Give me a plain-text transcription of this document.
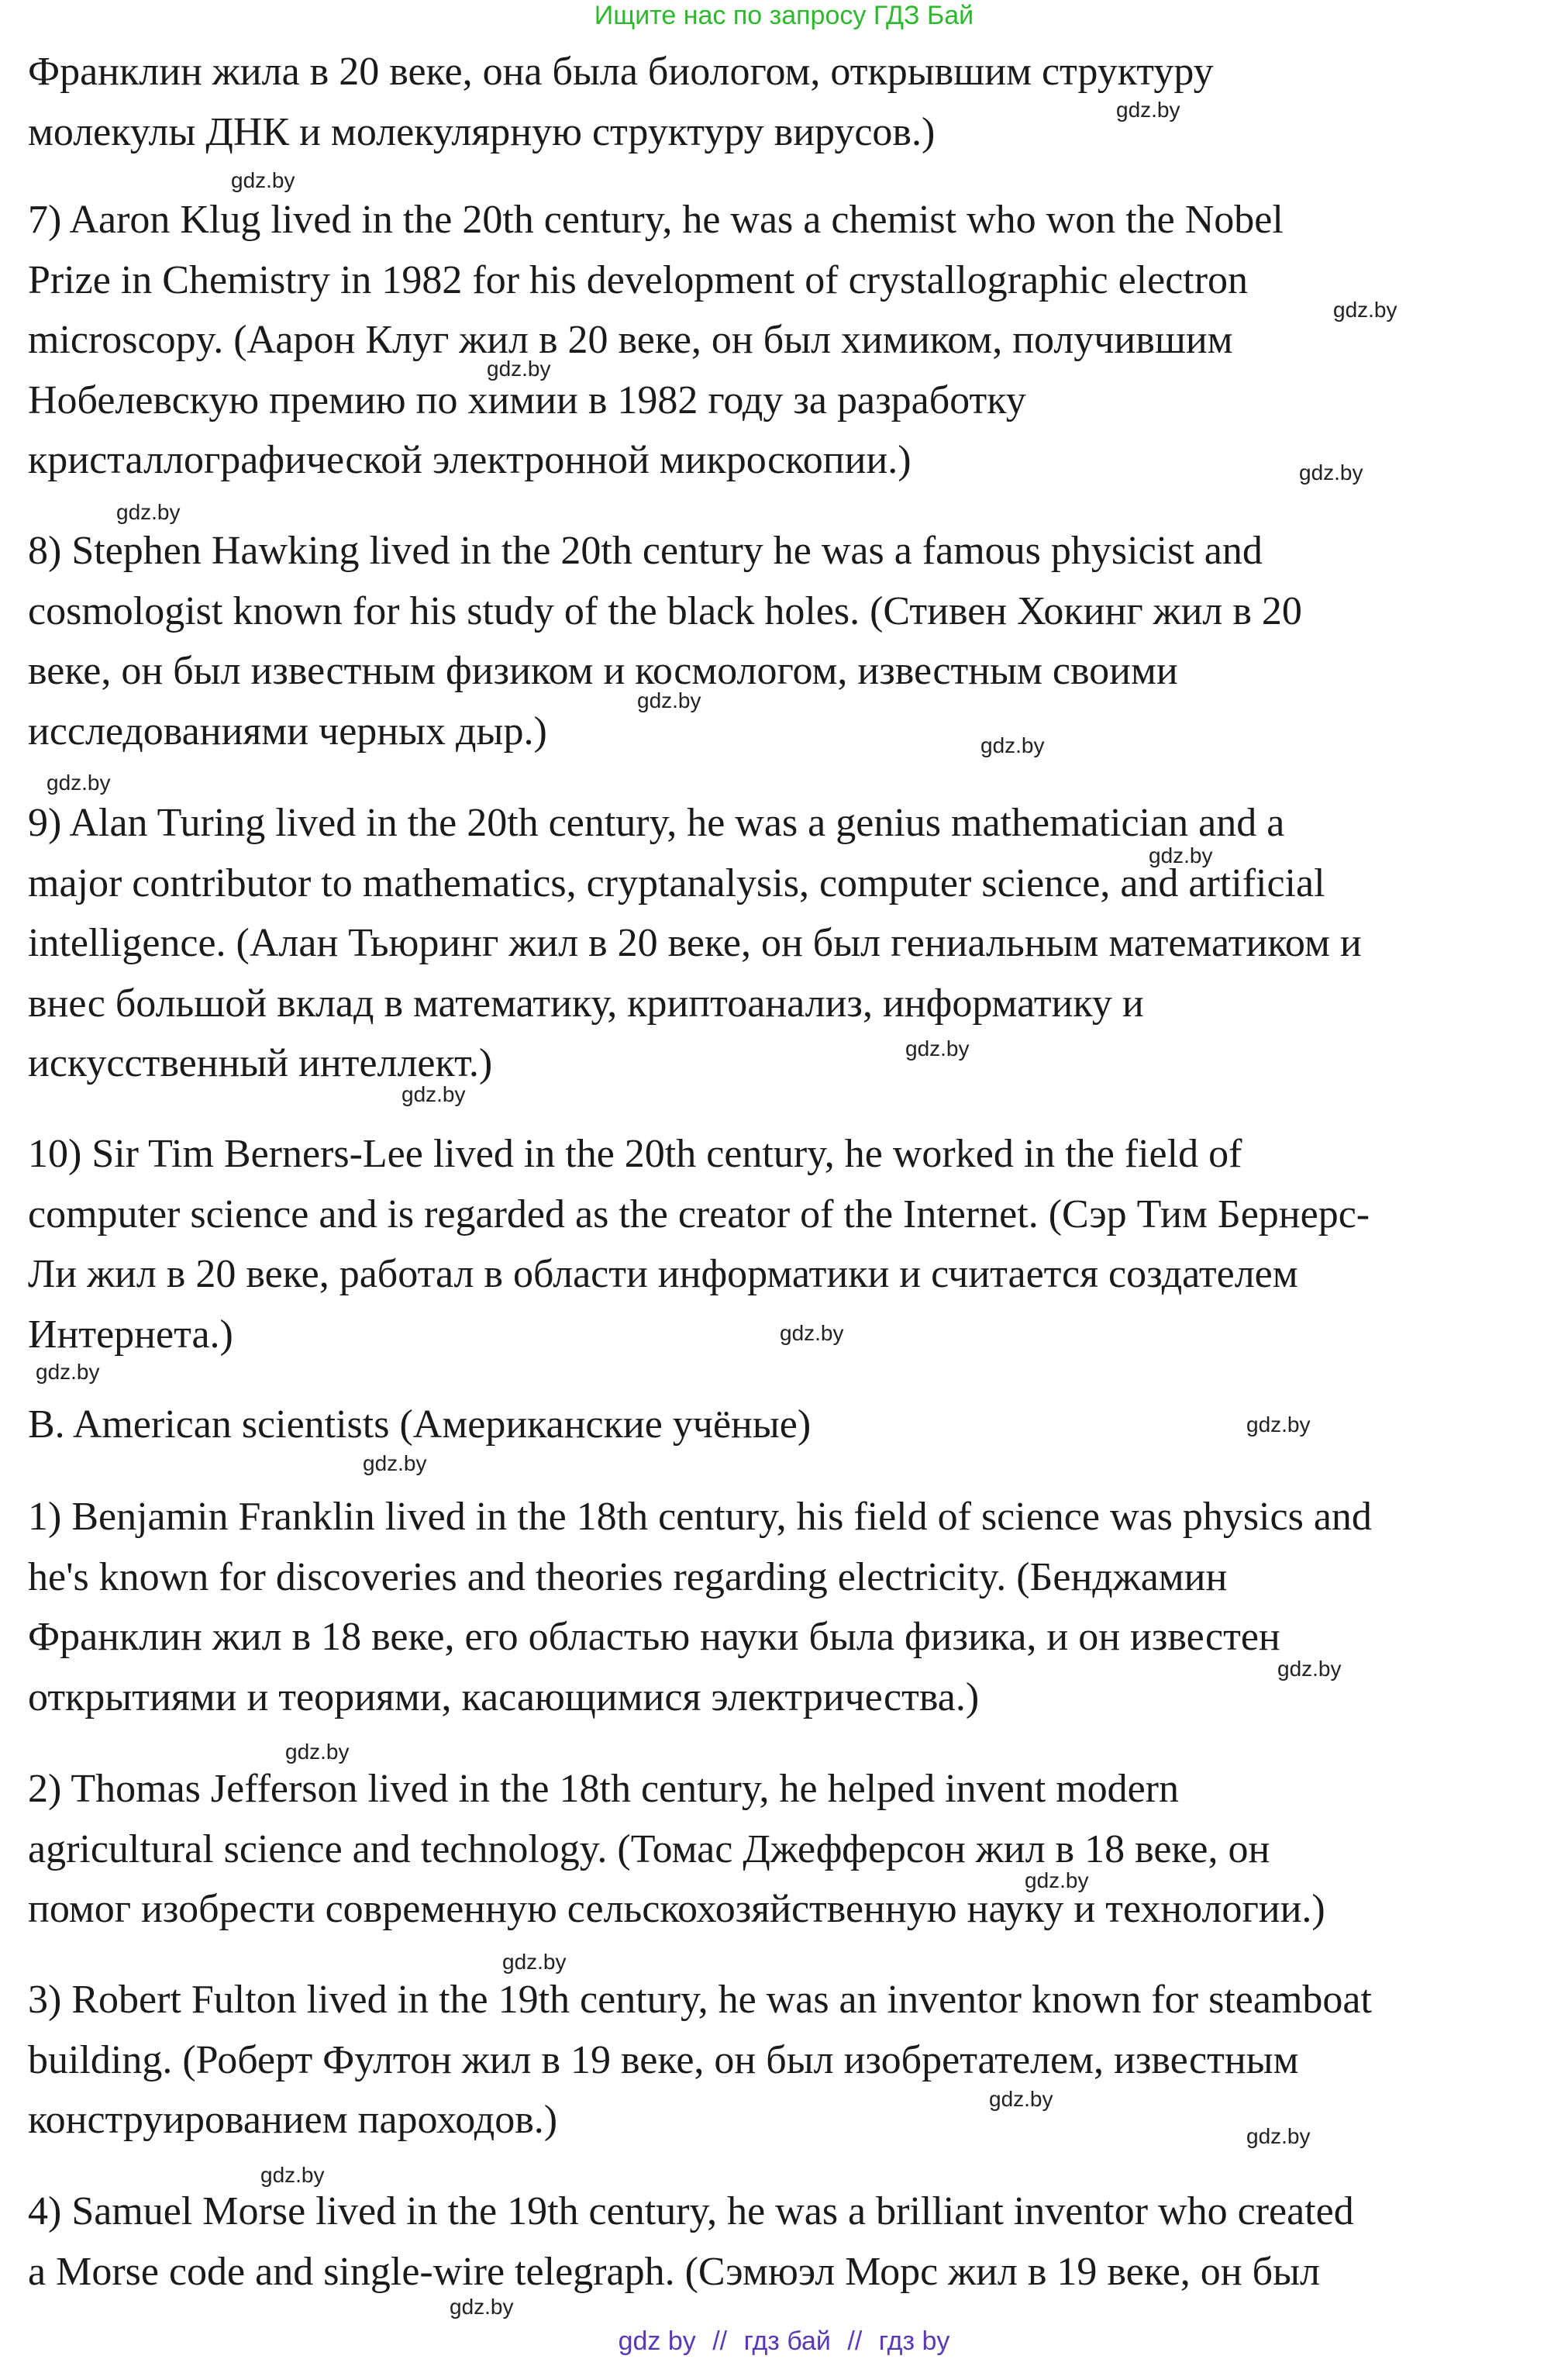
Ищите нас по запросу ГДЗ Бай

Франклин жила в 20 веке, она была биологом, открывшим структуру
молекулы ДНК и молекулярную структуру вирусов.)

7) Aaron Klug lived in the 20th century, he was a chemist who won the Nobel
Prize in Chemistry in 1982 for his development of crystallographic electron
microscopy. (Аарон Клуг жил в 20 веке, он был химиком, получившим
Нобелевскую премию по химии в 1982 году за разработку
кристаллографической электронной микроскопии.)

8) Stephen Hawking lived in the 20th century he was a famous physicist and
cosmologist known for his study of the black holes. (Стивен Хокинг жил в 20
веке, он был известным физиком и космологом, известным своими
исследованиями черных дыр.)

9) Alan Turing lived in the 20th century, he was a genius mathematician and a
major contributor to mathematics, cryptanalysis, computer science, and artificial
intelligence. (Алан Тьюринг жил в 20 веке, он был гениальным математиком и
внес большой вклад в математику, криптоанализ, информатику и
искусственный интеллект.)

10) Sir Tim Berners-Lee lived in the 20th century, he worked in the field of
computer science and is regarded as the creator of the Internet. (Сэр Тим Бернерс-
Ли жил в 20 веке, работал в области информатики и считается создателем
Интернета.)

B. American scientists (Американские учёные)

1) Benjamin Franklin lived in the 18th century, his field of science was physics and
he's known for discoveries and theories regarding electricity. (Бенджамин
Франклин жил в 18 веке, его областью науки была физика, и он известен
открытиями и теориями, касающимися электричества.)

2) Thomas Jefferson lived in the 18th century, he helped invent modern
agricultural science and technology. (Томас Джефферсон жил в 18 веке, он
помог изобрести современную сельскохозяйственную науку и технологии.)

3) Robert Fulton lived in the 19th century, he was an inventor known for steamboat
building. (Роберт Фултон жил в 19 веке, он был изобретателем, известным
конструированием пароходов.)

4) Samuel Morse lived in the 19th century, he was a brilliant inventor who created
a Morse code and single-wire telegraph. (Сэмюэл Морс жил в 19 веке, он был

gdz.by
gdz.by
gdz.by
gdz.by
gdz.by
gdz.by
gdz.by
gdz.by
gdz.by
gdz.by
gdz.by
gdz.by
gdz.by
gdz.by
gdz.by
gdz.by
gdz.by
gdz.by
gdz.by
gdz.by
gdz.by
gdz.by
gdz.by
gdz.by
gdz by // гдз бай // гдз by
